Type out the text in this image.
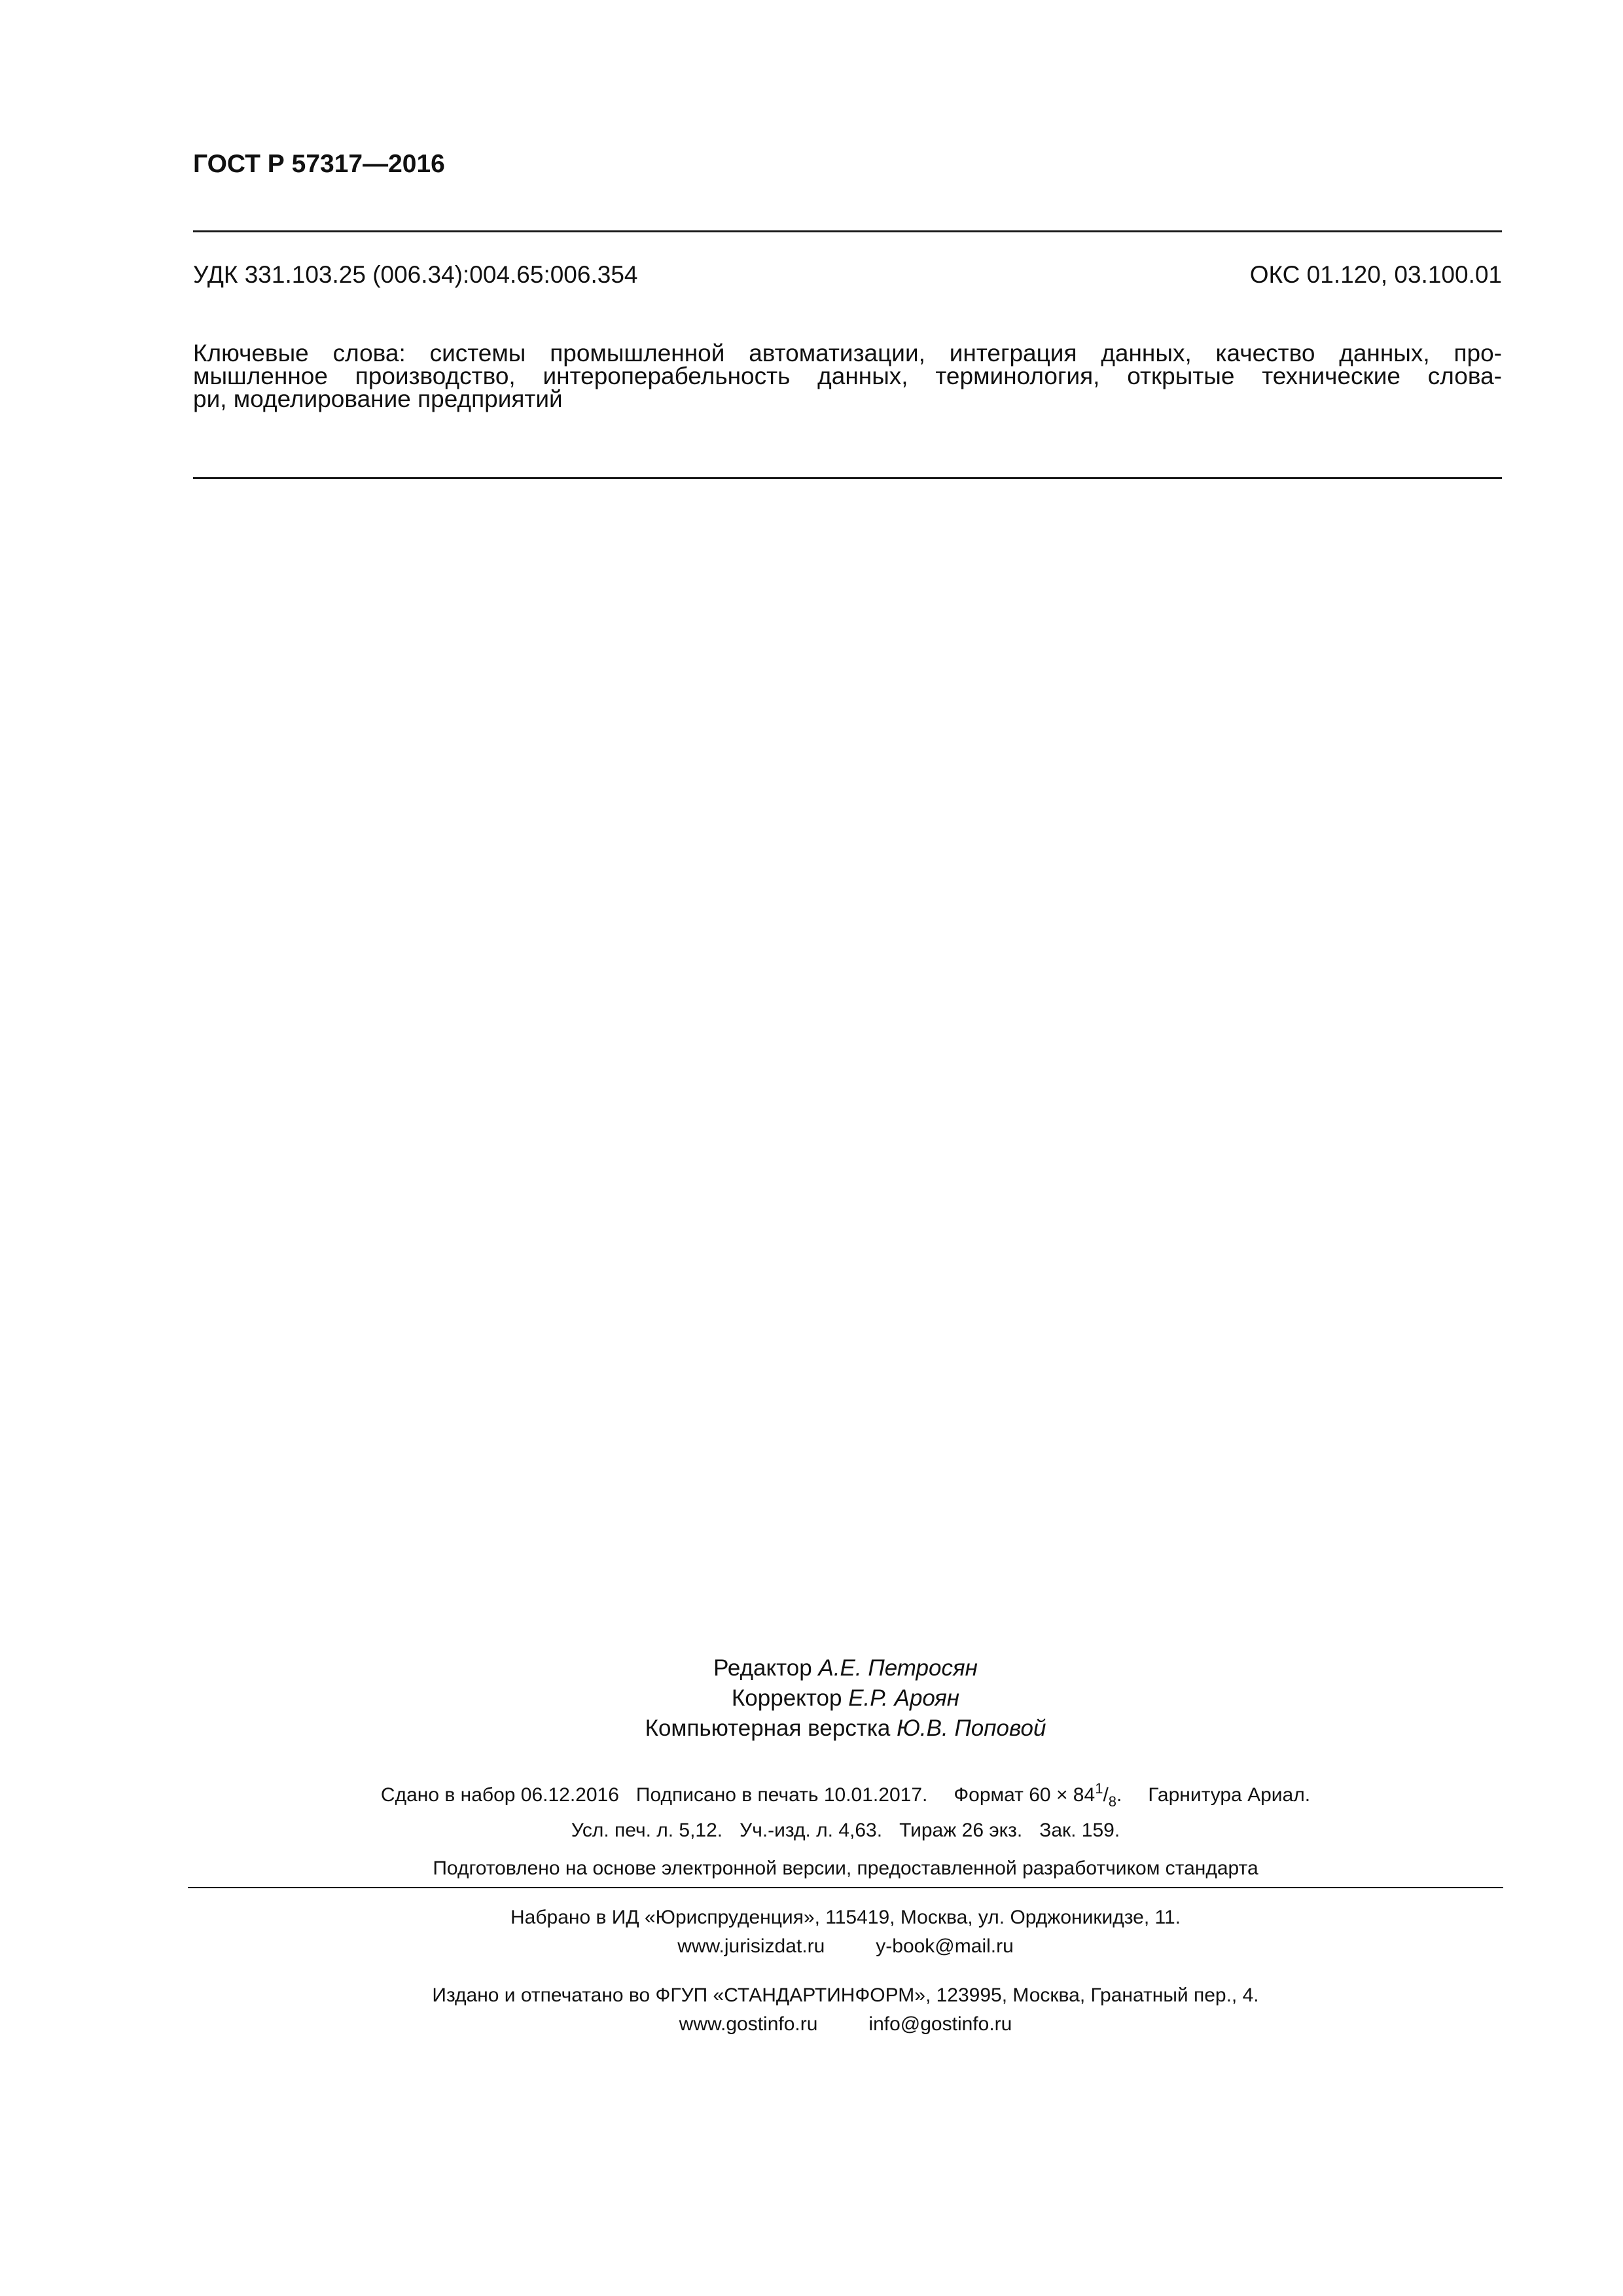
ГОСТ Р 57317—2016
УДК 331.103.25 (006.34):004.65:006.354	ОКС 01.120, 03.100.01
Ключевые слова: системы промышленной автоматизации, интеграция данных, качество данных, про-
мышленное производство, интероперабельность данных, терминология, открытые технические слова-
ри, моделирование предприятий
Редактор А.Е. Петросян
Корректор Е.Р. Ароян
Компьютерная верстка Ю.В. Поповой
Сдано в набор 06.12.2016 Подписано в печать 10.01.2017. Формат $60 \times 84^1/_8$. Гарнитура Ариал.
Усл. печ. л. 5,12. Уч.-изд. л. 4,63. Тираж 26 экз. Зак. 159.
Подготовлено на основе электронной версии, предоставленной разработчиком стандарта
Набрано в ИД «Юриспруденция», 115419, Москва, ул. Орджоникидзе, 11.
www.jurisizdat.ru	y-book@mail.ru
Издано и отпечатано во ФГУП «СТАНДАРТИНФОРМ», 123995, Москва, Гранатный пер., 4.
www.gostinfo.ru	info@gostinfo.ru
